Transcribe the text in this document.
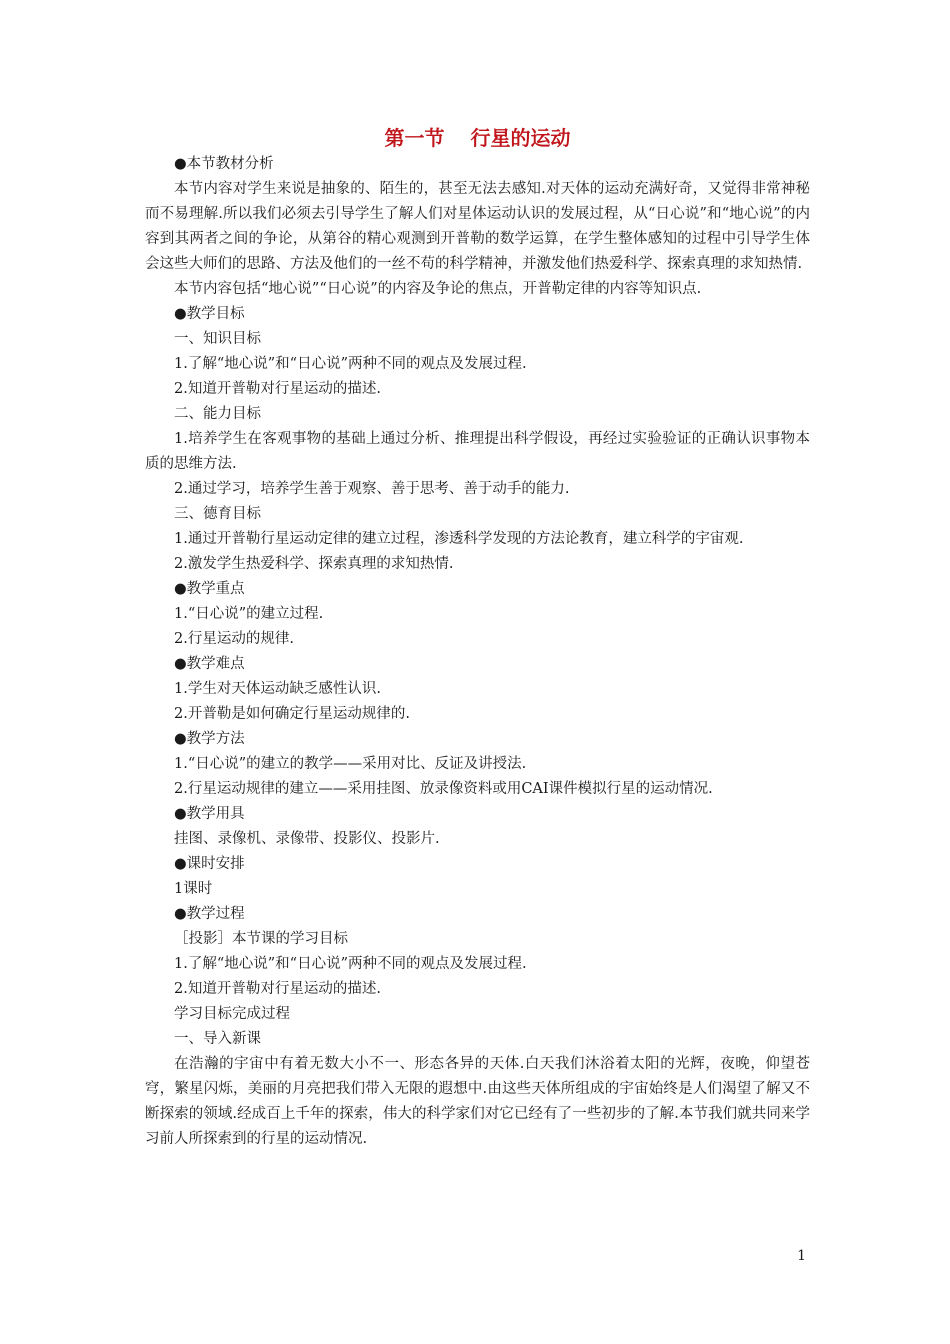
第一节 行星的运动
●本节教材分析
本节内容对学生来说是抽象的、陌生的，甚至无法去感知.对天体的运动充满好奇，又觉得非常神秘而不易理解.所以我们必须去引导学生了解人们对星体运动认识的发展过程，从“日心说”和“地心说”的内容到其两者之间的争论，从第谷的精心观测到开普勒的数学运算，在学生整体感知的过程中引导学生体会这些大师们的思路、方法及他们的一丝不苟的科学精神，并激发他们热爱科学、探索真理的求知热情.
本节内容包括“地心说”“日心说”的内容及争论的焦点，开普勒定律的内容等知识点.
●教学目标
一、知识目标
1.了解“地心说”和“日心说”两种不同的观点及发展过程.
2.知道开普勒对行星运动的描述.
二、能力目标
1.培养学生在客观事物的基础上通过分析、推理提出科学假设，再经过实验验证的正确认识事物本质的思维方法.
2.通过学习，培养学生善于观察、善于思考、善于动手的能力.
三、德育目标
1.通过开普勒行星运动定律的建立过程，渗透科学发现的方法论教育，建立科学的宇宙观.
2.激发学生热爱科学、探索真理的求知热情.
●教学重点
1.“日心说”的建立过程.
2.行星运动的规律.
●教学难点
1.学生对天体运动缺乏感性认识.
2.开普勒是如何确定行星运动规律的.
●教学方法
1.“日心说”的建立的教学——采用对比、反证及讲授法.
2.行星运动规律的建立——采用挂图、放录像资料或用CAI课件模拟行星的运动情况.
●教学用具
挂图、录像机、录像带、投影仪、投影片.
●课时安排
1课时
●教学过程
［投影］本节课的学习目标
1.了解“地心说”和“日心说”两种不同的观点及发展过程.
2.知道开普勒对行星运动的描述.
学习目标完成过程
一、导入新课
在浩瀚的宇宙中有着无数大小不一、形态各异的天体.白天我们沐浴着太阳的光辉，夜晚，仰望苍穹，繁星闪烁，美丽的月亮把我们带入无限的遐想中.由这些天体所组成的宇宙始终是人们渴望了解又不断探索的领域.经成百上千年的探索，伟大的科学家们对它已经有了一些初步的了解.本节我们就共同来学习前人所探索到的行星的运动情况.
1
